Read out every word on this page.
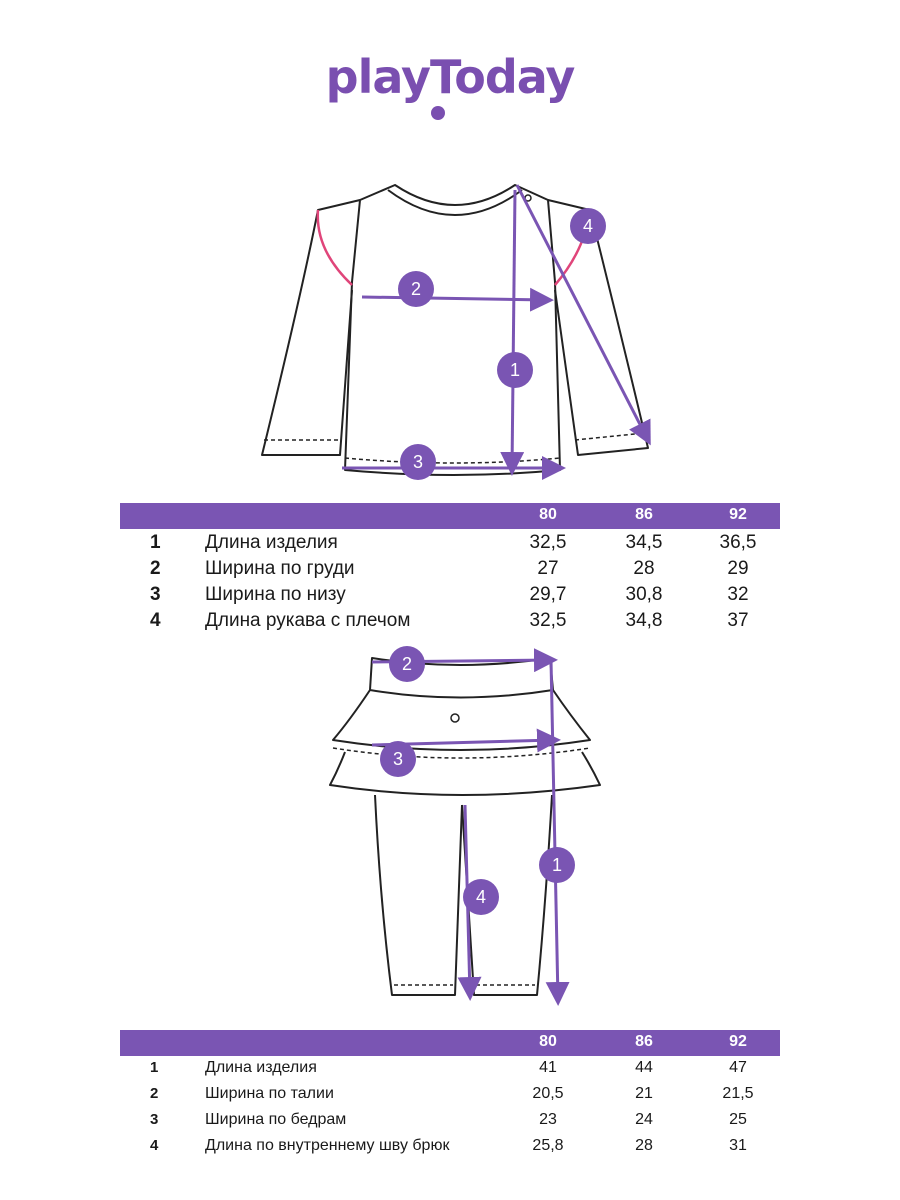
playToday
1
2
3
4
80	86	92
1	Длина изделия	32,5	34,5	36,5
2	Ширина по груди	27	28	29
3	Ширина по низу	29,7	30,8	32
4	Длина рукава с плечом	32,5	34,8	37
2
3
1
4
80	86	92
1	Длина изделия	41	44	47
2	Ширина по талии	20,5	21	21,5
3	Ширина по бедрам	23	24	25
4	Длина по внутреннему шву брюк	25,8	28	31
